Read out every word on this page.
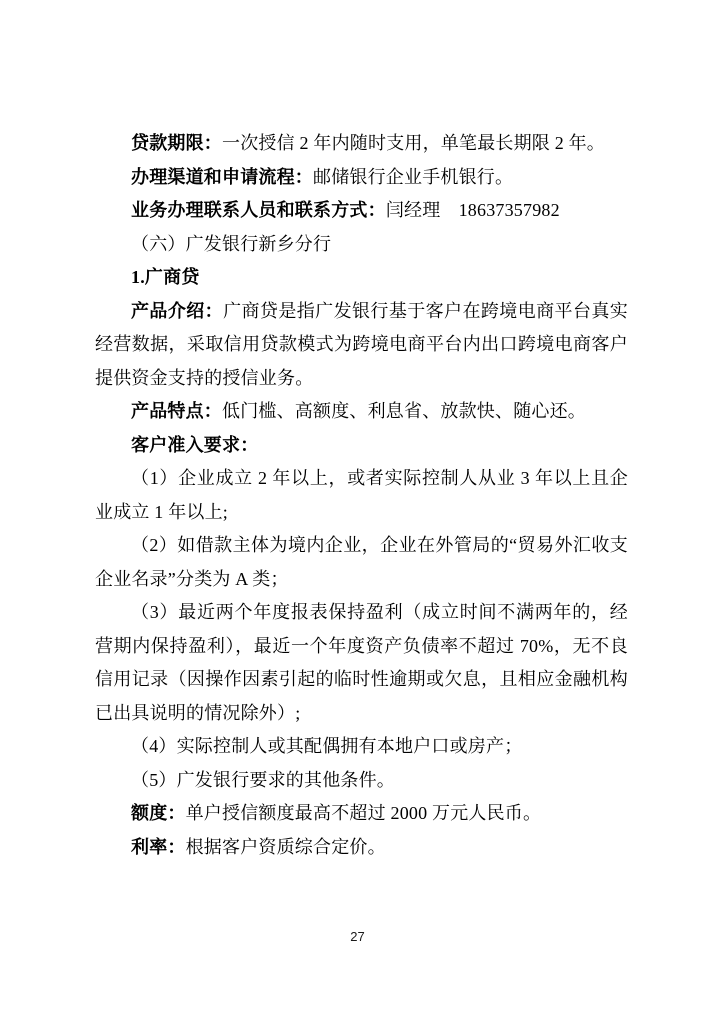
贷款期限：一次授信 2 年内随时支用，单笔最长期限 2 年。

办理渠道和申请流程：邮储银行企业手机银行。

业务办理联系人员和联系方式：闫经理　18637357982

（六）广发银行新乡分行

1.广商贷

产品介绍：广商贷是指广发银行基于客户在跨境电商平台真实经营数据，采取信用贷款模式为跨境电商平台内出口跨境电商客户提供资金支持的授信业务。

产品特点：低门槛、高额度、利息省、放款快、随心还。

客户准入要求：

（1）企业成立 2 年以上，或者实际控制人从业 3 年以上且企业成立 1 年以上;

（2）如借款主体为境内企业，企业在外管局的“贸易外汇收支企业名录”分类为 A 类；

（3）最近两个年度报表保持盈利（成立时间不满两年的，经营期内保持盈利），最近一个年度资产负债率不超过 70%，无不良信用记录（因操作因素引起的临时性逾期或欠息，且相应金融机构已出具说明的情况除外）;

（4）实际控制人或其配偶拥有本地户口或房产；

（5）广发银行要求的其他条件。

额度：单户授信额度最高不超过 2000 万元人民币。

利率：根据客户资质综合定价。

27
